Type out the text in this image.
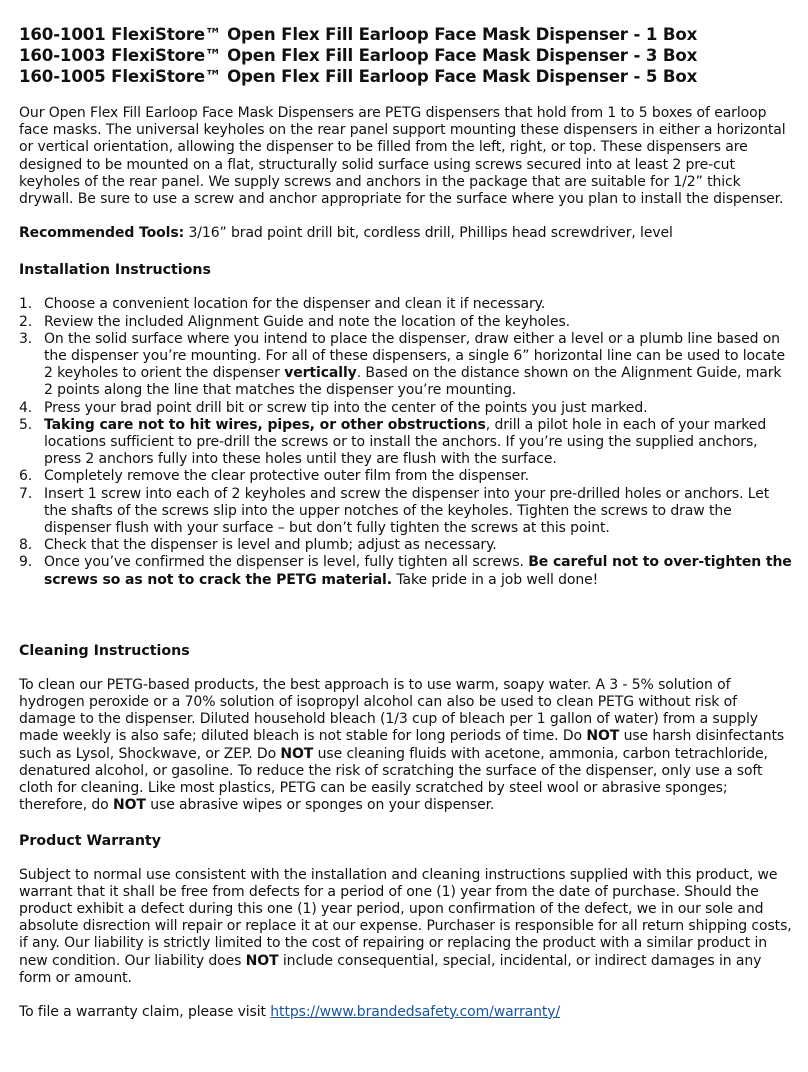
160-1001 FlexiStore™ Open Flex Fill Earloop Face Mask Dispenser - 1 Box
160-1003 FlexiStore™ Open Flex Fill Earloop Face Mask Dispenser - 3 Box
160-1005 FlexiStore™ Open Flex Fill Earloop Face Mask Dispenser - 5 Box

Our Open Flex Fill Earloop Face Mask Dispensers are PETG dispensers that hold from 1 to 5 boxes of earloop face masks. The universal keyholes on the rear panel support mounting these dispensers in either a horizontal or vertical orientation, allowing the dispenser to be filled from the left, right, or top. These dispensers are designed to be mounted on a flat, structurally solid surface using screws secured into at least 2 pre-cut keyholes of the rear panel. We supply screws and anchors in the package that are suitable for 1/2” thick drywall. Be sure to use a screw and anchor appropriate for the surface where you plan to install the dispenser.

Recommended Tools: 3/16” brad point drill bit, cordless drill, Phillips head screwdriver, level

Installation Instructions
1. Choose a convenient location for the dispenser and clean it if necessary.
2. Review the included Alignment Guide and note the location of the keyholes.
3. On the solid surface where you intend to place the dispenser, draw either a level or a plumb line based on the dispenser you’re mounting. For all of these dispensers, a single 6” horizontal line can be used to locate 2 keyholes to orient the dispenser vertically. Based on the distance shown on the Alignment Guide, mark 2 points along the line that matches the dispenser you’re mounting.
4. Press your brad point drill bit or screw tip into the center of the points you just marked.
5. Taking care not to hit wires, pipes, or other obstructions, drill a pilot hole in each of your marked locations sufficient to pre-drill the screws or to install the anchors. If you’re using the supplied anchors, press 2 anchors fully into these holes until they are flush with the surface.
6. Completely remove the clear protective outer film from the dispenser.
7. Insert 1 screw into each of 2 keyholes and screw the dispenser into your pre-drilled holes or anchors. Let the shafts of the screws slip into the upper notches of the keyholes. Tighten the screws to draw the dispenser flush with your surface – but don’t fully tighten the screws at this point.
8. Check that the dispenser is level and plumb; adjust as necessary.
9. Once you’ve confirmed the dispenser is level, fully tighten all screws. Be careful not to over-tighten the screws so as not to crack the PETG material. Take pride in a job well done!
Cleaning Instructions

To clean our PETG-based products, the best approach is to use warm, soapy water. A 3 - 5% solution of hydrogen peroxide or a 70% solution of isopropyl alcohol can also be used to clean PETG without risk of damage to the dispenser. Diluted household bleach (1/3 cup of bleach per 1 gallon of water) from a supply made weekly is also safe; diluted bleach is not stable for long periods of time. Do NOT use harsh disinfectants such as Lysol, Shockwave, or ZEP. Do NOT use cleaning fluids with acetone, ammonia, carbon tetrachloride, denatured alcohol, or gasoline. To reduce the risk of scratching the surface of the dispenser, only use a soft cloth for cleaning. Like most plastics, PETG can be easily scratched by steel wool or abrasive sponges; therefore, do NOT use abrasive wipes or sponges on your dispenser.

Product Warranty

Subject to normal use consistent with the installation and cleaning instructions supplied with this product, we warrant that it shall be free from defects for a period of one (1) year from the date of purchase. Should the product exhibit a defect during this one (1) year period, upon confirmation of the defect, we in our sole and absolute disrection will repair or replace it at our expense. Purchaser is responsible for all return shipping costs, if any. Our liability is strictly limited to the cost of repairing or replacing the product with a similar product in new condition. Our liability does NOT include consequential, special, incidental, or indirect damages in any form or amount.

To file a warranty claim, please visit https://www.brandedsafety.com/warranty/
